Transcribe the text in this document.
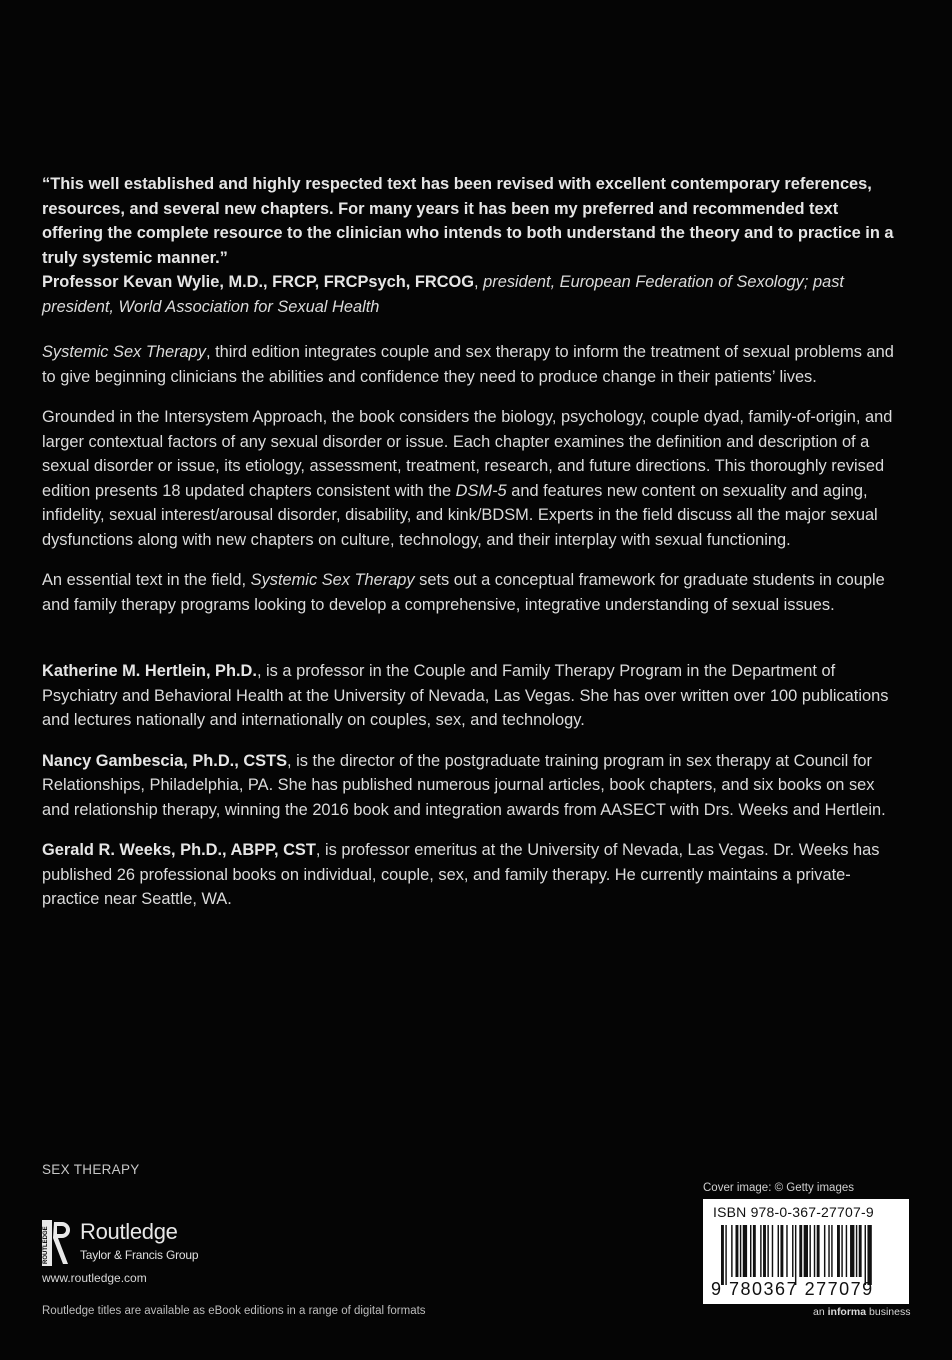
“This well established and highly respected text has been revised with excellent contemporary references, resources, and several new chapters. For many years it has been my preferred and recommended text offering the complete resource to the clinician who intends to both understand the theory and to practice in a truly systemic manner.”

Professor Kevan Wylie, M.D., FRCP, FRCPsych, FRCOG, president, European Federation of Sexology; past president, World Association for Sexual Health

Systemic Sex Therapy, third edition integrates couple and sex therapy to inform the treatment of sexual problems and to give beginning clinicians the abilities and confidence they need to produce change in their patients’ lives.

Grounded in the Intersystem Approach, the book considers the biology, psychology, couple dyad, family-of-origin, and larger contextual factors of any sexual disorder or issue. Each chapter examines the definition and description of a sexual disorder or issue, its etiology, assessment, treatment, research, and future directions. This thoroughly revised edition presents 18 updated chapters consistent with the DSM-5 and features new content on sexuality and aging, infidelity, sexual interest/arousal disorder, disability, and kink/BDSM. Experts in the field discuss all the major sexual dysfunctions along with new chapters on culture, technology, and their interplay with sexual functioning.

An essential text in the field, Systemic Sex Therapy sets out a conceptual framework for graduate students in couple and family therapy programs looking to develop a comprehensive, integrative understanding of sexual issues.

Katherine M. Hertlein, Ph.D., is a professor in the Couple and Family Therapy Program in the Department of Psychiatry and Behavioral Health at the University of Nevada, Las Vegas. She has over written over 100 publications and lectures nationally and internationally on couples, sex, and technology.

Nancy Gambescia, Ph.D., CSTS, is the director of the postgraduate training program in sex therapy at Council for Relationships, Philadelphia, PA. She has published numerous journal articles, book chapters, and six books on sex and relationship therapy, winning the 2016 book and integration awards from AASECT with Drs. Weeks and Hertlein.

Gerald R. Weeks, Ph.D., ABPP, CST, is professor emeritus at the University of Nevada, Las Vegas. Dr. Weeks has published 26 professional books on individual, couple, sex, and family therapy. He currently maintains a private-practice near Seattle, WA.

SEX THERAPY
ROUTLEDGE Routledge
Taylor & Francis Group
www.routledge.com
Routledge titles are available as eBook editions in a range of digital formats
Cover image: © Getty images
ISBN 978-0-367-27707-9
9 780367 277079
an informa business
